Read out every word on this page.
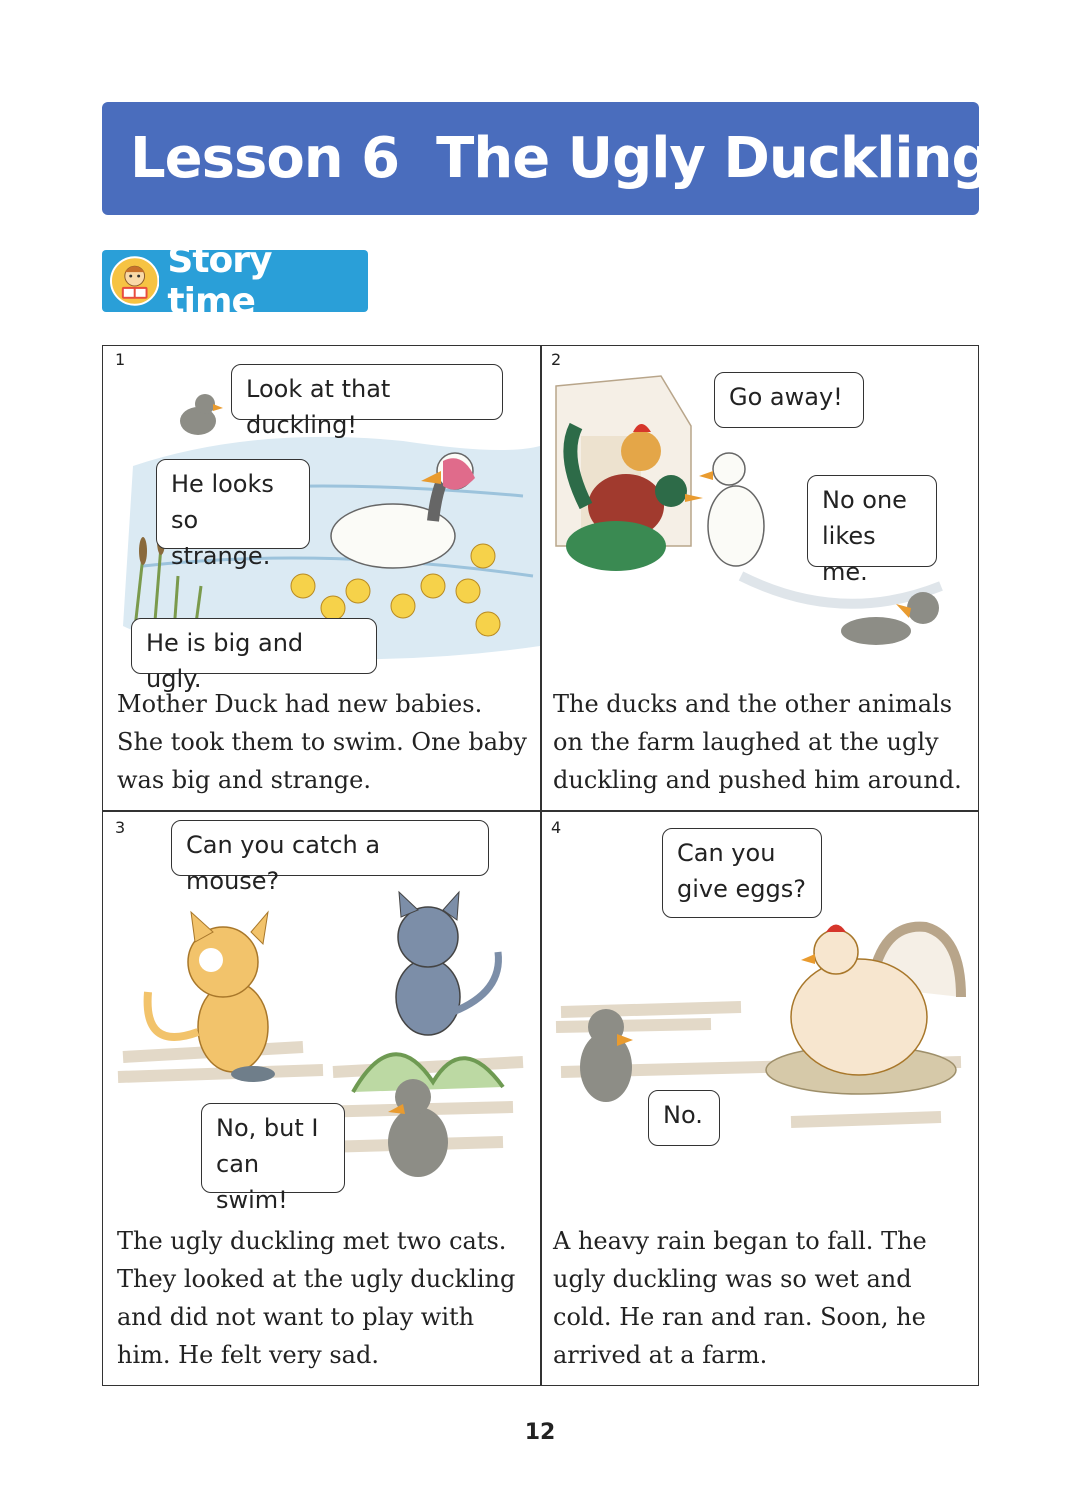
Lesson 6  The Ugly Duckling
Story time
1
Look at that duckling!
He looks
so strange.
He is big and ugly.
Mother Duck had new babies. She took them to swim. One baby was big and strange.
2
Go away!
No one
likes me.
The ducks and the other animals on the farm laughed at the ugly duckling and pushed him around.
3
Can you catch a mouse?
No, but I
can swim!
The ugly duckling met two cats. They looked at the ugly duckling and did not want to play with him. He felt very sad.
4
Can you
give eggs?
No.
A heavy rain began to fall. The ugly duckling was so wet and cold. He ran and ran. Soon, he arrived at a farm.
12
